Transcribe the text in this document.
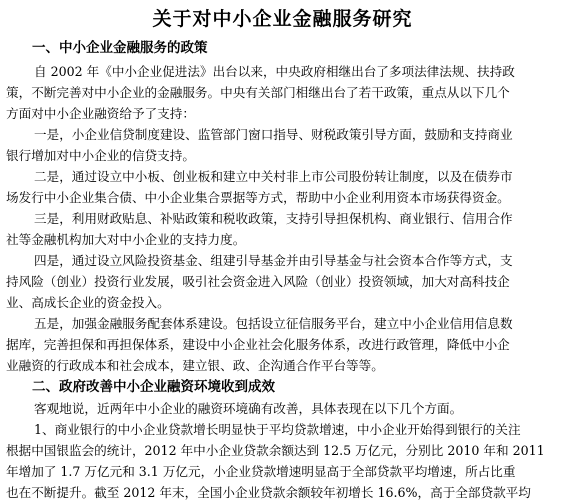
关于对中小企业金融服务研究
一、中小企业金融服务的政策
自 2002 年《中小企业促进法》出台以来，中央政府相继出台了多项法律法规、扶持政
策，不断完善对中小企业的金融服务。中央有关部门相继出台了若干政策，重点从以下几个
方面对中小企业融资给予了支持：
一是，小企业信贷制度建设、监管部门窗口指导、财税政策引导方面，鼓励和支持商业
银行增加对中小企业的信贷支持。
二是，通过设立中小板、创业板和建立中关村非上市公司股份转让制度，以及在债券市
场发行中小企业集合债、中小企业集合票据等方式，帮助中小企业利用资本市场获得资金。
三是，利用财政贴息、补贴政策和税收政策，支持引导担保机构、商业银行、信用合作
社等金融机构加大对中小企业的支持力度。
四是，通过设立风险投资基金、组建引导基金并由引导基金与社会资本合作等方式，支
持风险（创业）投资行业发展，吸引社会资金进入风险（创业）投资领域，加大对高科技企
业、高成长企业的资金投入。
五是，加强金融服务配套体系建设。包括设立征信服务平台，建立中小企业信用信息数
据库，完善担保和再担保体系，建设中小企业社会化服务体系，改进行政管理，降低中小企
业融资的行政成本和社会成本，建立银、政、企沟通合作平台等等。
二、政府改善中小企业融资环境收到成效
客观地说，近两年中小企业的融资环境确有改善，具体表现在以下几个方面。
1、商业银行的中小企业贷款增长明显快于平均贷款增速，中小企业开始得到银行的关注
根据中国银监会的统计，2012 年中小企业贷款余额达到 12.5 万亿元，分别比 2010 年和 2011
年增加了 1.7 万亿元和 3.1 万亿元，小企业贷款增速明显高于全部贷款平均增速，所占比重
也在不断提升。截至 2012 年末，全国小企业贷款余额较年初增长 16.6%，高于全部贷款平均
